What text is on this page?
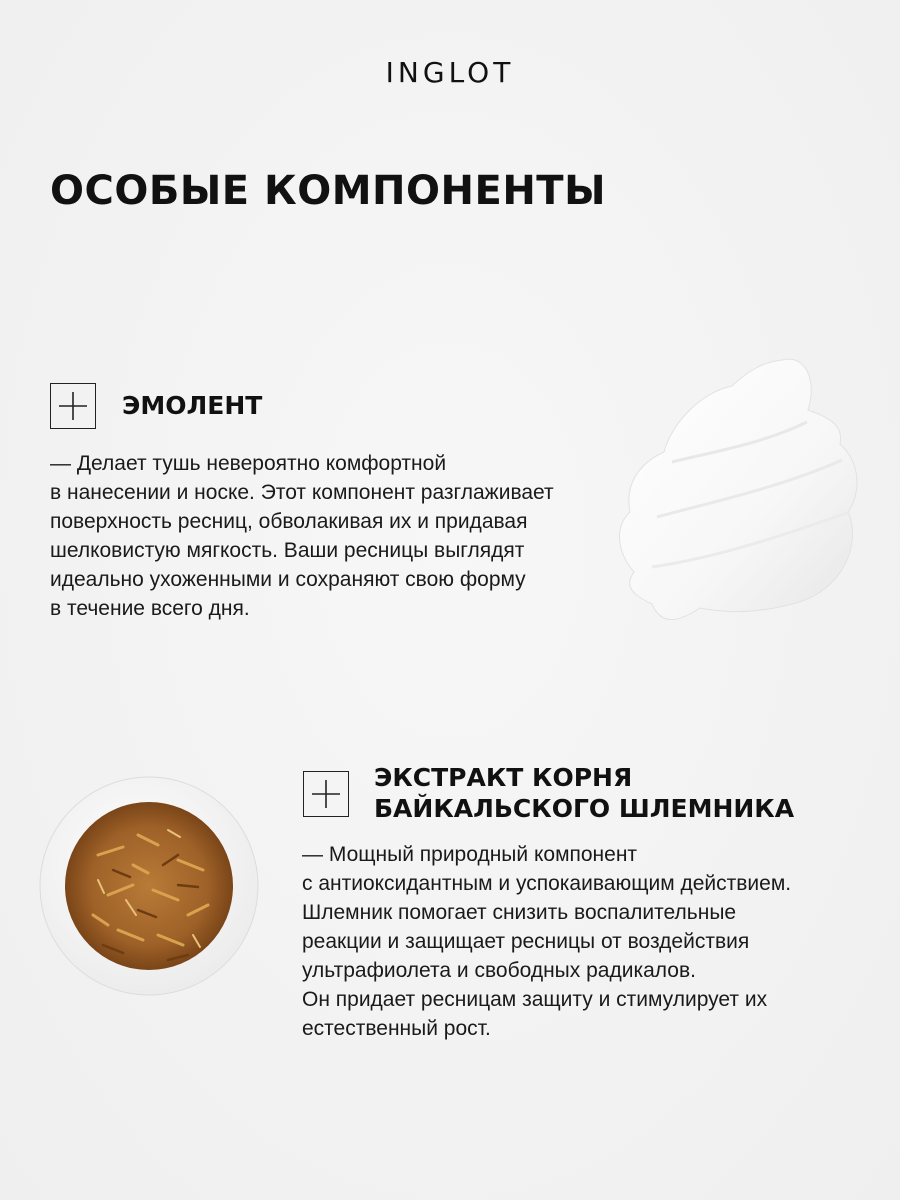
INGLOT
ОСОБЫЕ КОМПОНЕНТЫ
ЭМОЛЕНТ

— Делает тушь невероятно комфортной
в нанесении и носке. Этот компонент разглаживает
поверхность ресниц, обволакивая их и придавая
шелковистую мягкость. Ваши ресницы выглядят
идеально ухоженными и сохраняют свою форму
в течение всего дня.

ЭКСТРАКТ КОРНЯ
БАЙКАЛЬСКОГО ШЛЕМНИКА

— Мощный природный компонент
с антиоксидантным и успокаивающим действием.
Шлемник помогает снизить воспалительные
реакции и защищает ресницы от воздействия
ультрафиолета и свободных радикалов.
Он придает ресницам защиту и стимулирует их
естественный рост.
